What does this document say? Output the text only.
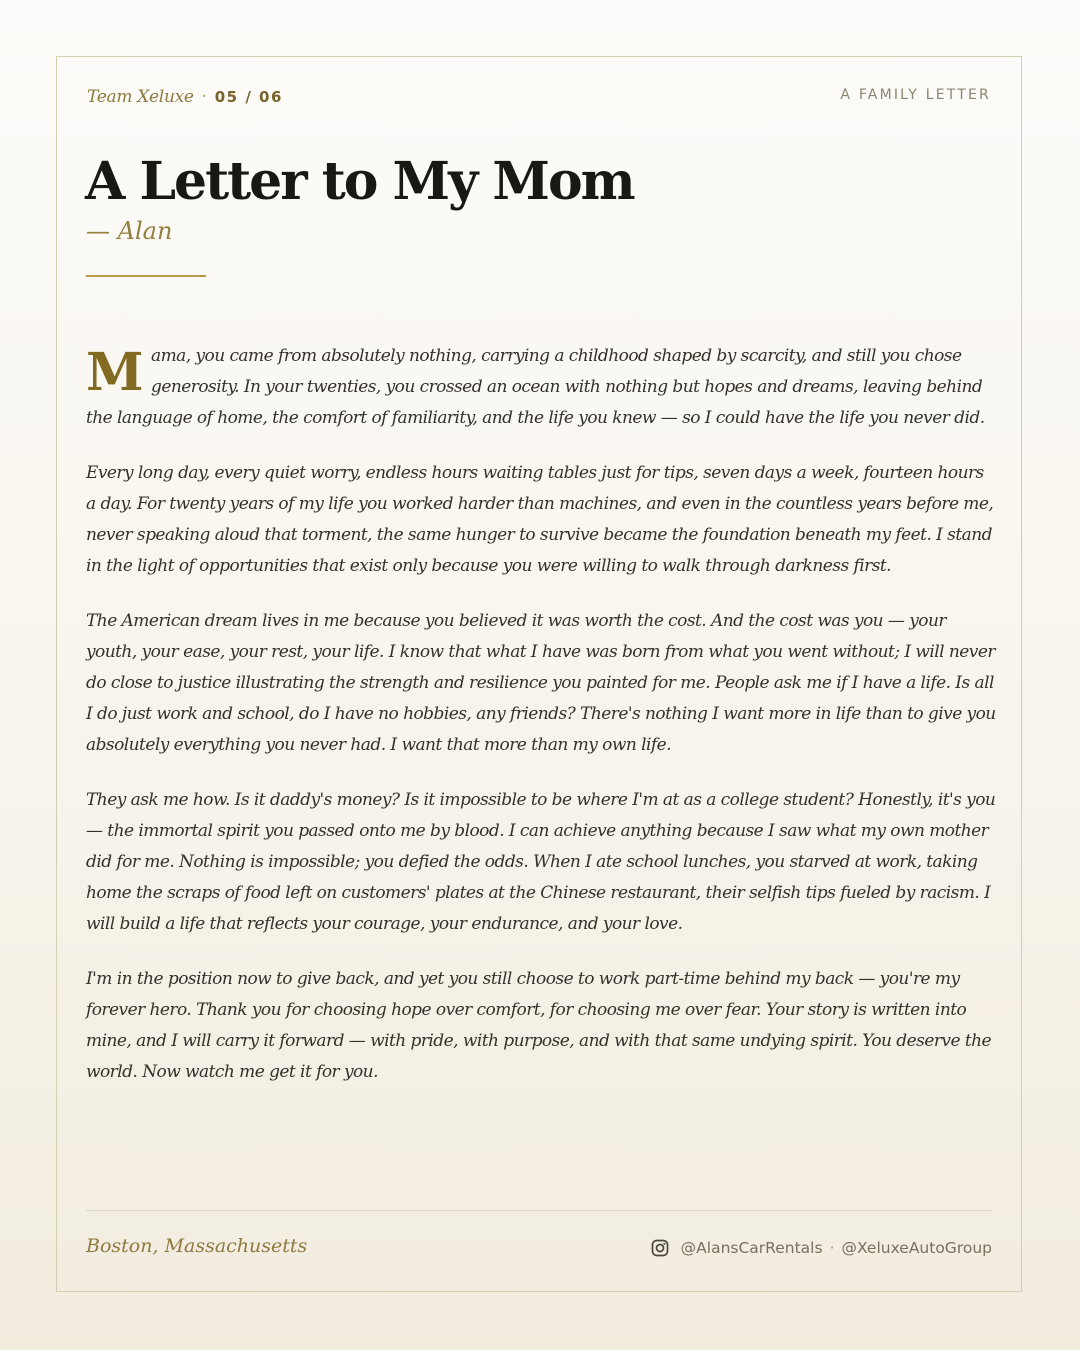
Team Xeluxe · 05 / 06	A FAMILY LETTER
A Letter to My Mom
— Alan

Mama, you came from absolutely nothing, carrying a childhood shaped by scarcity, and still you chose generosity. In your twenties, you crossed an ocean with nothing but hopes and dreams, leaving behind the language of home, the comfort of familiarity, and the life you knew — so I could have the life you never did.

Every long day, every quiet worry, endless hours waiting tables just for tips, seven days a week, fourteen hours a day. For twenty years of my life you worked harder than machines, and even in the countless years before me, never speaking aloud that torment, the same hunger to survive became the foundation beneath my feet. I stand in the light of opportunities that exist only because you were willing to walk through darkness first.

The American dream lives in me because you believed it was worth the cost. And the cost was you — your youth, your ease, your rest, your life. I know that what I have was born from what you went without; I will never do close to justice illustrating the strength and resilience you painted for me. People ask me if I have a life. Is all I do just work and school, do I have no hobbies, any friends? There's nothing I want more in life than to give you absolutely everything you never had. I want that more than my own life.

They ask me how. Is it daddy's money? Is it impossible to be where I'm at as a college student? Honestly, it's you — the immortal spirit you passed onto me by blood. I can achieve anything because I saw what my own mother did for me. Nothing is impossible; you defied the odds. When I ate school lunches, you starved at work, taking home the scraps of food left on customers' plates at the Chinese restaurant, their selfish tips fueled by racism. I will build a life that reflects your courage, your endurance, and your love.

I'm in the position now to give back, and yet you still choose to work part-time behind my back — you're my forever hero. Thank you for choosing hope over comfort, for choosing me over fear. Your story is written into mine, and I will carry it forward — with pride, with purpose, and with that same undying spirit. You deserve the world. Now watch me get it for you.

Boston, Massachusetts	@AlansCarRentals · @XeluxeAutoGroup
